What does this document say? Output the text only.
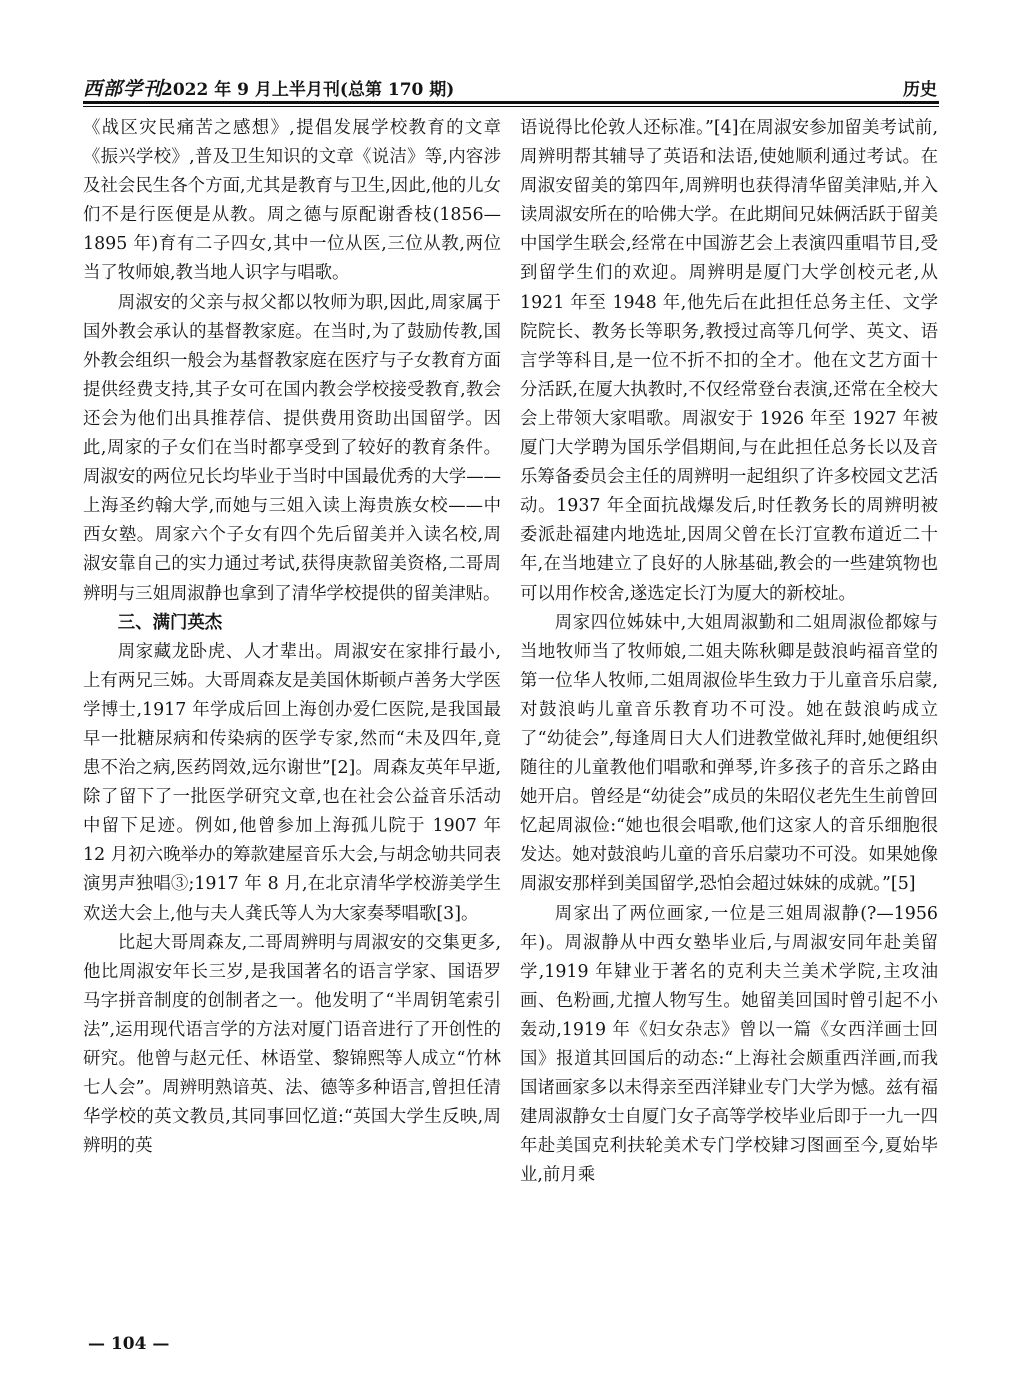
西部学刊
2022 年 9 月上半月刊(总第 170 期)	历史

《战区灾民痛苦之感想》,提倡发展学校教育的文章《振兴学校》,普及卫生知识的文章《说洁》等,内容涉及社会民生各个方面,尤其是教育与卫生,因此,他的儿女们不是行医便是从教。周之德与原配谢香枝(1856—1895 年)育有二子四女,其中一位从医,三位从教,两位当了牧师娘,教当地人识字与唱歌。

周淑安的父亲与叔父都以牧师为职,因此,周家属于国外教会承认的基督教家庭。在当时,为了鼓励传教,国外教会组织一般会为基督教家庭在医疗与子女教育方面提供经费支持,其子女可在国内教会学校接受教育,教会还会为他们出具推荐信、提供费用资助出国留学。因此,周家的子女们在当时都享受到了较好的教育条件。周淑安的两位兄长均毕业于当时中国最优秀的大学——上海圣约翰大学,而她与三姐入读上海贵族女校——中西女塾。周家六个子女有四个先后留美并入读名校,周淑安靠自己的实力通过考试,获得庚款留美资格,二哥周辨明与三姐周淑静也拿到了清华学校提供的留美津贴。

三、满门英杰

周家藏龙卧虎、人才辈出。周淑安在家排行最小,上有两兄三姊。大哥周森友是美国休斯顿卢善务大学医学博士,1917 年学成后回上海创办爱仁医院,是我国最早一批糖尿病和传染病的医学专家,然而“未及四年,竟患不治之病,医药罔效,远尔谢世”[2]。周森友英年早逝,除了留下了一批医学研究文章,也在社会公益音乐活动中留下足迹。例如,他曾参加上海孤儿院于 1907 年 12 月初六晚举办的筹款建屋音乐大会,与胡念劬共同表演男声独唱③;1917 年 8 月,在北京清华学校游美学生欢送大会上,他与夫人龚氏等人为大家奏琴唱歌[3]。

比起大哥周森友,二哥周辨明与周淑安的交集更多,他比周淑安年长三岁,是我国著名的语言学家、国语罗马字拼音制度的创制者之一。他发明了“半周钥笔索引法”,运用现代语言学的方法对厦门语音进行了开创性的研究。他曾与赵元任、林语堂、黎锦熙等人成立“竹林七人会”。周辨明熟谙英、法、德等多种语言,曾担任清华学校的英文教员,其同事回忆道:“英国大学生反映,周辨明的英

语说得比伦敦人还标准。”[4]在周淑安参加留美考试前,周辨明帮其辅导了英语和法语,使她顺利通过考试。在周淑安留美的第四年,周辨明也获得清华留美津贴,并入读周淑安所在的哈佛大学。在此期间兄妹俩活跃于留美中国学生联会,经常在中国游艺会上表演四重唱节目,受到留学生们的欢迎。周辨明是厦门大学创校元老,从 1921 年至 1948 年,他先后在此担任总务主任、文学院院长、教务长等职务,教授过高等几何学、英文、语言学等科目,是一位不折不扣的全才。他在文艺方面十分活跃,在厦大执教时,不仅经常登台表演,还常在全校大会上带领大家唱歌。周淑安于 1926 年至 1927 年被厦门大学聘为国乐学倡期间,与在此担任总务长以及音乐筹备委员会主任的周辨明一起组织了许多校园文艺活动。1937 年全面抗战爆发后,时任教务长的周辨明被委派赴福建内地选址,因周父曾在长汀宣教布道近二十年,在当地建立了良好的人脉基础,教会的一些建筑物也可以用作校舍,遂选定长汀为厦大的新校址。

周家四位姊妹中,大姐周淑勤和二姐周淑俭都嫁与当地牧师当了牧师娘,二姐夫陈秋卿是鼓浪屿福音堂的第一位华人牧师,二姐周淑俭毕生致力于儿童音乐启蒙,对鼓浪屿儿童音乐教育功不可没。她在鼓浪屿成立了“幼徒会”,每逢周日大人们进教堂做礼拜时,她便组织随往的儿童教他们唱歌和弹琴,许多孩子的音乐之路由她开启。曾经是“幼徒会”成员的朱昭仪老先生生前曾回忆起周淑俭:“她也很会唱歌,他们这家人的音乐细胞很发达。她对鼓浪屿儿童的音乐启蒙功不可没。如果她像周淑安那样到美国留学,恐怕会超过妹妹的成就。”[5]

周家出了两位画家,一位是三姐周淑静(?—1956 年)。周淑静从中西女塾毕业后,与周淑安同年赴美留学,1919 年肄业于著名的克利夫兰美术学院,主攻油画、色粉画,尤擅人物写生。她留美回国时曾引起不小轰动,1919 年《妇女杂志》曾以一篇《女西洋画士回国》报道其回国后的动态:“上海社会颇重西洋画,而我国诸画家多以未得亲至西洋肄业专门大学为憾。兹有福建周淑静女士自厦门女子高等学校毕业后即于一九一四年赴美国克利扶轮美术专门学校肄习图画至今,夏始毕业,前月乘

— 104 —
